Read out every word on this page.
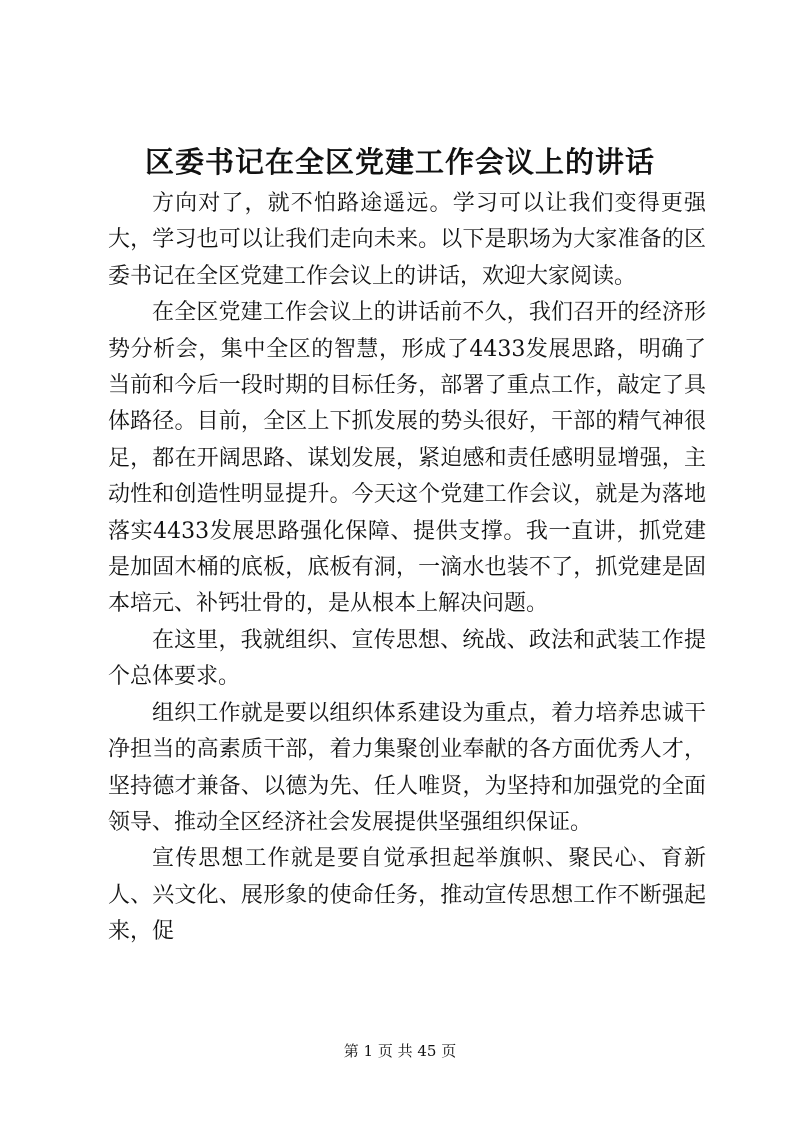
区委书记在全区党建工作会议上的讲话

方向对了，就不怕路途遥远。学习可以让我们变得更强大，学习也可以让我们走向未来。以下是职场为大家准备的区委书记在全区党建工作会议上的讲话，欢迎大家阅读。

在全区党建工作会议上的讲话前不久，我们召开的经济形势分析会，集中全区的智慧，形成了4433发展思路，明确了当前和今后一段时期的目标任务，部署了重点工作，敲定了具体路径。目前，全区上下抓发展的势头很好，干部的精气神很足，都在开阔思路、谋划发展，紧迫感和责任感明显增强，主动性和创造性明显提升。今天这个党建工作会议，就是为落地落实4433发展思路强化保障、提供支撑。我一直讲，抓党建是加固木桶的底板，底板有洞，一滴水也装不了，抓党建是固本培元、补钙壮骨的，是从根本上解决问题。

在这里，我就组织、宣传思想、统战、政法和武装工作提个总体要求。

组织工作就是要以组织体系建设为重点，着力培养忠诚干净担当的高素质干部，着力集聚创业奉献的各方面优秀人才，坚持德才兼备、以德为先、任人唯贤，为坚持和加强党的全面领导、推动全区经济社会发展提供坚强组织保证。

宣传思想工作就是要自觉承担起举旗帜、聚民心、育新人、兴文化、展形象的使命任务，推动宣传思想工作不断强起来，促

第 1 页 共 45 页
